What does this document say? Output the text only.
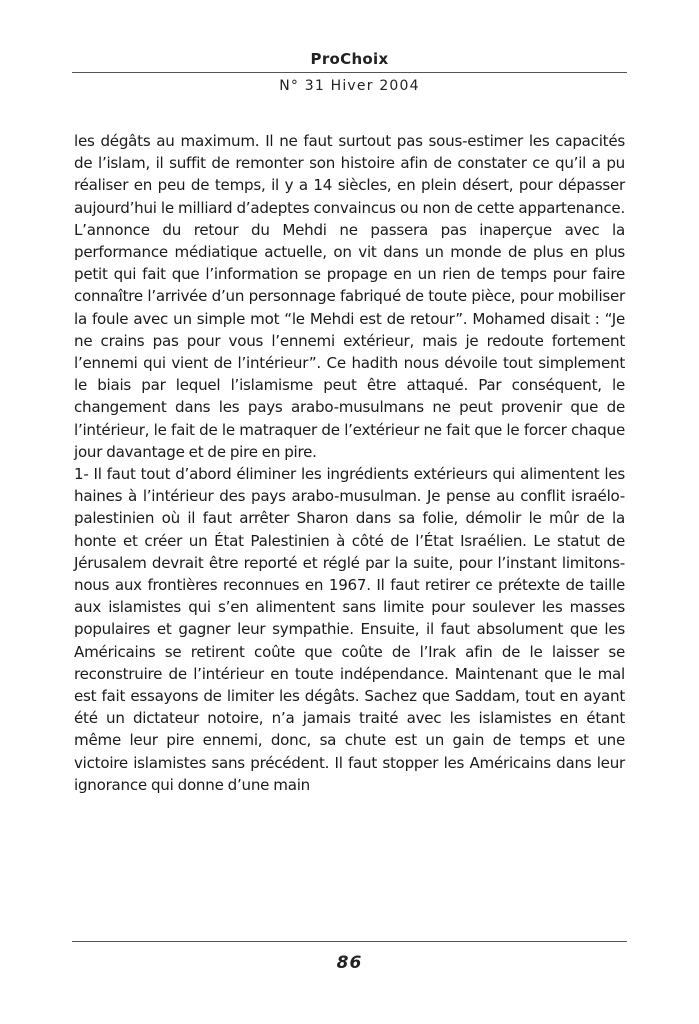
ProChoix
N° 31 Hiver 2004

les dégâts au maximum. Il ne faut surtout pas sous-estimer les capacités de l’islam, il suffit de remonter son histoire afin de constater ce qu’il a pu réaliser en peu de temps, il y a 14 siècles, en plein désert, pour dépasser aujourd’hui le milliard d’adeptes convaincus ou non de cette appartenance. L’annonce du retour du Mehdi ne passera pas inaperçue avec la performance médiatique actuelle, on vit dans un monde de plus en plus petit qui fait que l’information se propage en un rien de temps pour faire connaître l’arrivée d’un personnage fabriqué de toute pièce, pour mobiliser la foule avec un simple mot “le Mehdi est de retour”. Mohamed disait : “Je ne crains pas pour vous l’ennemi extérieur, mais je redoute fortement l’ennemi qui vient de l’intérieur”. Ce hadith nous dévoile tout simplement le biais par lequel l’islamisme peut être attaqué. Par conséquent, le changement dans les pays arabo-musulmans ne peut provenir que de l’intérieur, le fait de le matraquer de l’extérieur ne fait que le forcer chaque jour davantage et de pire en pire.

1- Il faut tout d’abord éliminer les ingrédients extérieurs qui alimentent les haines à l’intérieur des pays arabo-musulman. Je pense au conflit israélo-palestinien où il faut arrêter Sharon dans sa folie, démolir le mûr de la honte et créer un État Palestinien à côté de l’État Israélien. Le statut de Jérusalem devrait être reporté et réglé par la suite, pour l’instant limitons-nous aux frontières reconnues en 1967. Il faut retirer ce prétexte de taille aux islamistes qui s’en alimentent sans limite pour soulever les masses populaires et gagner leur sympathie. Ensuite, il faut absolument que les Américains se retirent coûte que coûte de l’Irak afin de le laisser se reconstruire de l’intérieur en toute indépendance. Maintenant que le mal est fait essayons de limiter les dégâts. Sachez que Saddam, tout en ayant été un dictateur notoire, n’a jamais traité avec les islamistes en étant même leur pire ennemi, donc, sa chute est un gain de temps et une victoire islamistes sans précédent. Il faut stopper les Américains dans leur ignorance qui donne d’une main

86
